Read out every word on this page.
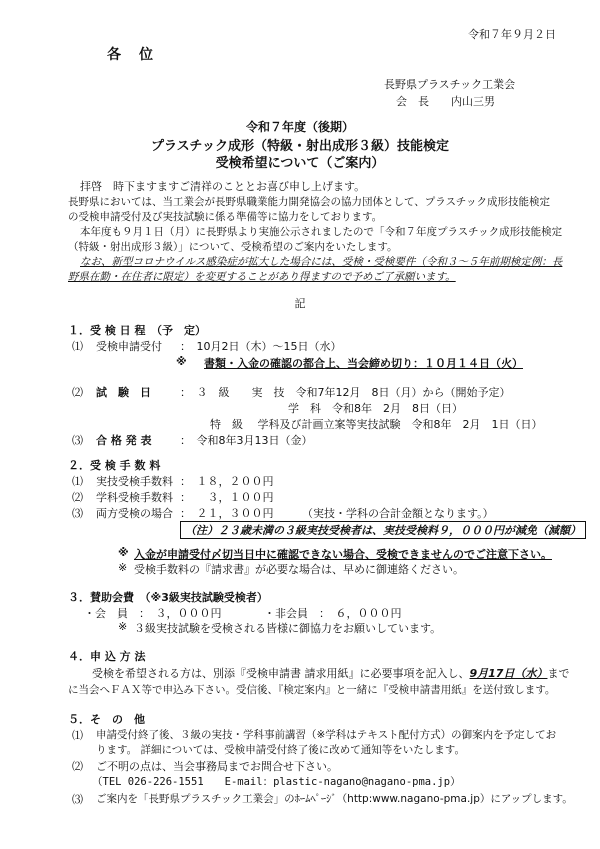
令和７年９月２日
各　位
長野県プラスチック工業会
会　長　　内山三男
令和７年度（後期）
プラスチック成形（特級・射出成形３級）技能検定
受検希望について（ご案内）
拝啓　時下ますますご清祥のこととお喜び申し上げます。
長野県においては、当工業会が長野県職業能力開発協会の協力団体として、プラスチック成形技能検定
の受検申請受付及び実技試験に係る準備等に協力をしております。
本年度も９月１日（月）に長野県より実施公示されましたので「令和７年度プラスチック成形技能検定
（特級・射出成形３級）」について、受検希望のご案内をいたします。
なお、新型コロナウイルス感染症が拡大した場合には、受検・受検要件（令和３～５年前期検定例：長
野県在勤・在住者に限定）を変更することがあり得ますので予めご了承願います。
記
１．受 検 日 程　（予　定）
⑴ 受検申請受付 ：　10月2日（木）～15日（水）
※ 書類・入金の確認の都合上、当会締め切り：１０月１４日（火）
⑵ 試　験　日	：　３　級　　実　技　令和7年12月　8日（月）から（開始予定）
学　科　令和8年　2月　8日（日）
特　級　 学科及び計画立案等実技試験　令和8年　2月　1日（日）
⑶ 合 格 発 表	：　令和8年3月13日（金）
２．受 検 手 数 料
⑴ 実技受検手数料 ：　１８，２００円
⑵ 学科受検手数料 ：　　３，１００円
⑶ 両方受検の場合 ：　２１，３００円	（実技・学科の合計金額となります。）
（注）２３歳未満の３級実技受検者は、実技受検料９，０００円が減免（減額）
※ 入金が申請受付〆切当日中に確認できない場合、受検できませんのでご注意下さい。
※ 受検手数料の『請求書』が必要な場合は、早めに御連絡ください。
３．賛助会費　（※3級実技試験受検者）
・会　員　：　３，０００円	・非会員　：　６，０００円
※ ３級実技試験を受検される皆様に御協力をお願いしています。
４．申 込 方 法
受検を希望される方は、別添『受検申請書 請求用紙』に必要事項を記入し、9月17日（水）まで
に当会へＦＡＸ等で申込み下さい。受信後、『検定案内』と一緒に『受検申請書用紙』を送付致します。
５．そ　の　他
⑴ 申請受付終了後、３級の実技・学科事前講習（※学科はテキスト配付方式）の御案内を予定してお
ります。 詳細については、受検申請受付終了後に改めて通知等をいたします。
⑵ ご不明の点は、当会事務局までお問合せ下さい。
（TEL 026-226-1551　　E-mail：plastic-nagano@nagano-pma.jp）
⑶ ご案内を「長野県プラスチック工業会」のﾎｰﾑﾍﾟｰｼﾞ（http:www.nagano-pma.jp）にアップします。
